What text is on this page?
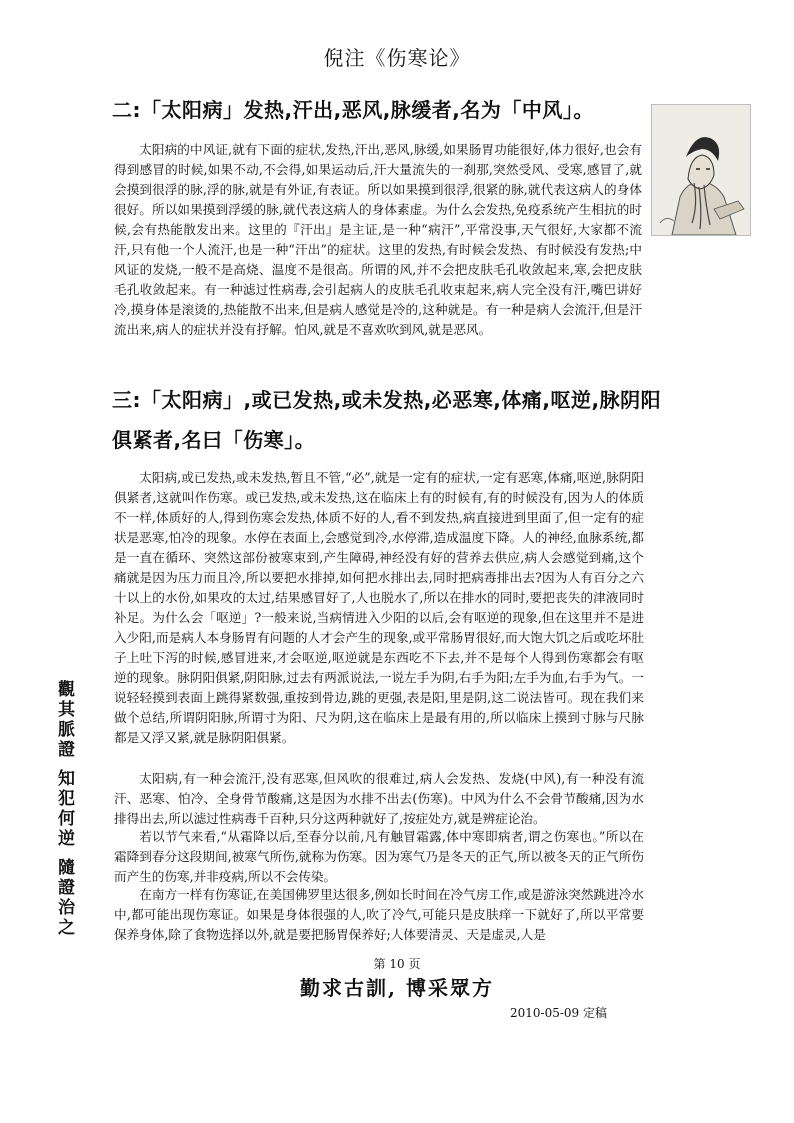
倪注《伤寒论》
二:「太阳病」发热,汗出,恶风,脉缓者,名为「中风」。

太阳病的中风证,就有下面的症状,发热,汗出,恶风,脉缓,如果肠胃功能很好,体力很好,也会有得到感冒的时候,如果不动,不会得,如果运动后,汗大量流失的一刹那,突然受风、受寒,感冒了,就会摸到很浮的脉,浮的脉,就是有外证,有表证。所以如果摸到很浮,很紧的脉,就代表这病人的身体很好。所以如果摸到浮缓的脉,就代表这病人的身体素虚。为什么会发热,免疫系统产生相抗的时候,会有热能散发出来。这里的『汗出』是主证,是一种“病汗”,平常没事,天气很好,大家都不流汗,只有他一个人流汗,也是一种“汗出”的症状。这里的发热,有时候会发热、有时候没有发热;中风证的发烧,一般不是高烧、温度不是很高。所谓的风,并不会把皮肤毛孔收敛起来,寒,会把皮肤毛孔收敛起来。有一种滤过性病毒,会引起病人的皮肤毛孔收束起来,病人完全没有汗,嘴巴讲好冷,摸身体是滚烫的,热能散不出来,但是病人感觉是冷的,这种就是。有一种是病人会流汗,但是汗流出来,病人的症状并没有抒解。怕风,就是不喜欢吹到风,就是恶风。

三:「太阳病」,或已发热,或未发热,必恶寒,体痛,呕逆,脉阴阳
俱紧者,名曰「伤寒」。

太阳病,或已发热,或未发热,暂且不管,“必”,就是一定有的症状,一定有恶寒,体痛,呕逆,脉阴阳俱紧者,这就叫作伤寒。或已发热,或未发热,这在临床上有的时候有,有的时候没有,因为人的体质不一样,体质好的人,得到伤寒会发热,体质不好的人,看不到发热,病直接进到里面了,但一定有的症状是恶寒,怕冷的现象。水停在表面上,会感觉到冷,水停滞,造成温度下降。人的神经,血脉系统,都是一直在循环、突然这部份被寒束到,产生障碍,神经没有好的营养去供应,病人会感觉到痛,这个痛就是因为压力而且冷,所以要把水排掉,如何把水排出去,同时把病毒排出去?因为人有百分之六十以上的水份,如果攻的太过,结果感冒好了,人也脱水了,所以在排水的同时,要把丧失的津液同时补足。为什么会「呕逆」?一般来说,当病情进入少阳的以后,会有呕逆的现象,但在这里并不是进入少阳,而是病人本身肠胃有问题的人才会产生的现象,或平常肠胃很好,而大饱大饥之后或吃坏肚子上吐下泻的时候,感冒进来,才会呕逆,呕逆就是东西吃不下去,并不是每个人得到伤寒都会有呕逆的现象。脉阴阳俱紧,阴阳脉,过去有两派说法,一说左手为阴,右手为阳;左手为血,右手为气。一说轻轻摸到表面上跳得紧数强,重按到骨边,跳的更强,表是阳,里是阴,这二说法皆可。现在我们来做个总结,所谓阴阳脉,所谓寸为阳、尺为阴,这在临床上是最有用的,所以临床上摸到寸脉与尺脉都是又浮又紧,就是脉阴阳俱紧。

太阳病,有一种会流汗,没有恶寒,但风吹的很难过,病人会发热、发烧(中风),有一种没有流汗、恶寒、怕冷、全身骨节酸痛,这是因为水排不出去(伤寒)。中风为什么不会骨节酸痛,因为水排得出去,所以滤过性病毒千百种,只分这两种就好了,按症处方,就是辨症论治。

若以节气来看,“从霜降以后,至春分以前,凡有触冒霜露,体中寒即病者,谓之伤寒也。”所以在霜降到春分这段期间,被寒气所伤,就称为伤寒。因为寒气乃是冬天的正气,所以被冬天的正气所伤而产生的伤寒,并非疫病,所以不会传染。

在南方一样有伤寒证,在美国佛罗里达很多,例如长时间在冷气房工作,或是游泳突然跳进冷水中,都可能出现伤寒证。如果是身体很强的人,吹了冷气,可能只是皮肤痒一下就好了,所以平常要保养身体,除了食物选择以外,就是要把肠胃保养好;人体要清灵、天是虚灵,人是

觀其脈證 知犯何逆 隨證治之
第 10 页
勤求古訓, 博采眾方
2010-05-09 定稿
